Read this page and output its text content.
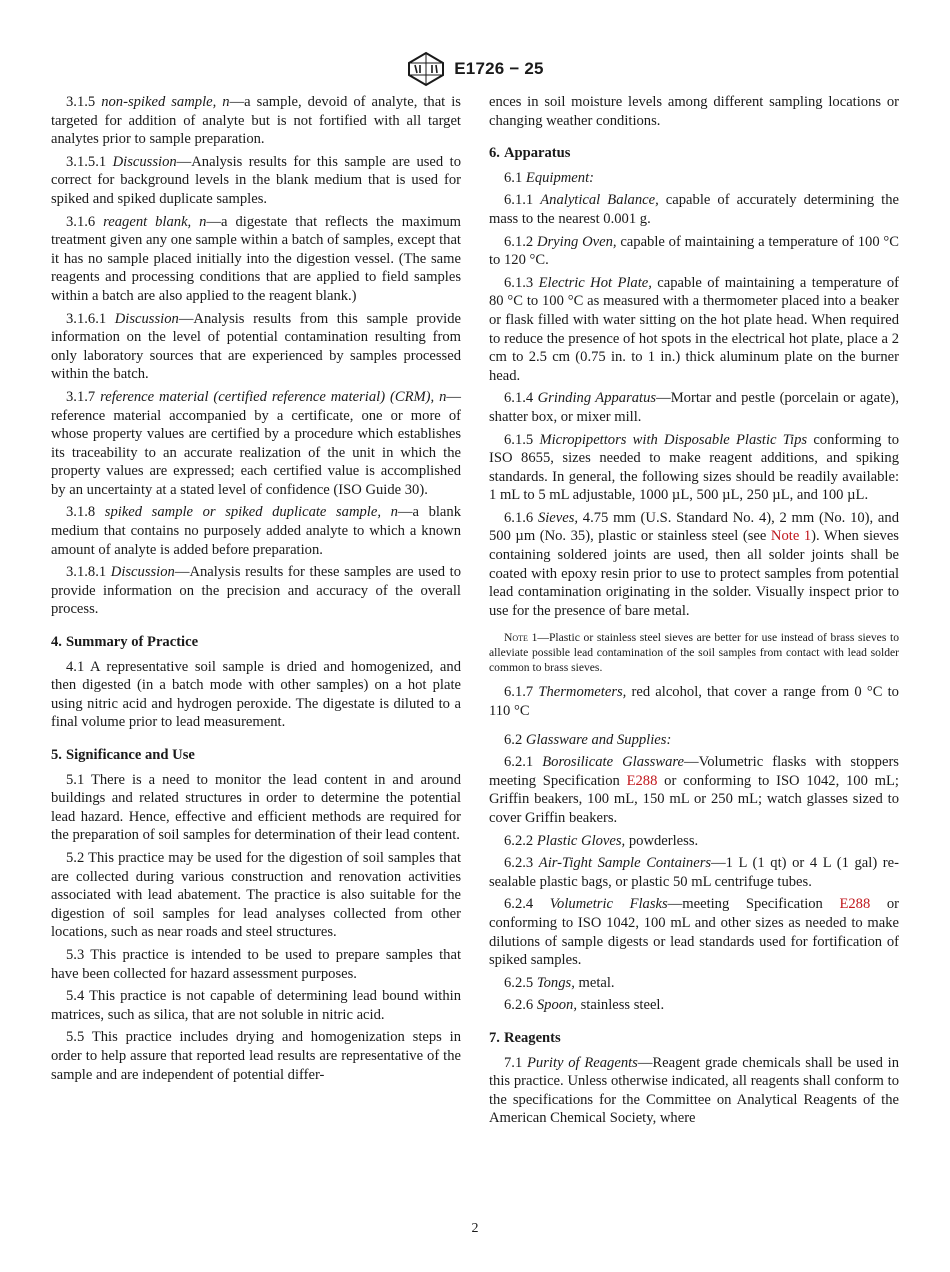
E1726 − 25

3.1.5 non-spiked sample, n—a sample, devoid of analyte, that is targeted for addition of analyte but is not fortified with all target analytes prior to sample preparation.

3.1.5.1 Discussion—Analysis results for this sample are used to correct for background levels in the blank medium that is used for spiked and spiked duplicate samples.

3.1.6 reagent blank, n—a digestate that reflects the maximum treatment given any one sample within a batch of samples, except that it has no sample placed initially into the digestion vessel. (The same reagents and processing conditions that are applied to field samples within a batch are also applied to the reagent blank.)

3.1.6.1 Discussion—Analysis results from this sample provide information on the level of potential contamination resulting from only laboratory sources that are experienced by samples processed within the batch.

3.1.7 reference material (certified reference material) (CRM), n—reference material accompanied by a certificate, one or more of whose property values are certified by a procedure which establishes its traceability to an accurate realization of the unit in which the property values are expressed; each certified value is accomplished by an uncertainty at a stated level of confidence (ISO Guide 30).

3.1.8 spiked sample or spiked duplicate sample, n—a blank medium that contains no purposely added analyte to which a known amount of analyte is added before preparation.

3.1.8.1 Discussion—Analysis results for these samples are used to provide information on the precision and accuracy of the overall process.

4. Summary of Practice

4.1 A representative soil sample is dried and homogenized, and then digested (in a batch mode with other samples) on a hot plate using nitric acid and hydrogen peroxide. The digestate is diluted to a final volume prior to lead measurement.

5. Significance and Use

5.1 There is a need to monitor the lead content in and around buildings and related structures in order to determine the potential lead hazard. Hence, effective and efficient methods are required for the preparation of soil samples for determination of their lead content.

5.2 This practice may be used for the digestion of soil samples that are collected during various construction and renovation activities associated with lead abatement. The practice is also suitable for the digestion of soil samples for lead analyses collected from other locations, such as near roads and steel structures.

5.3 This practice is intended to be used to prepare samples that have been collected for hazard assessment purposes.

5.4 This practice is not capable of determining lead bound within matrices, such as silica, that are not soluble in nitric acid.

5.5 This practice includes drying and homogenization steps in order to help assure that reported lead results are representative of the sample and are independent of potential differ-

ences in soil moisture levels among different sampling locations or changing weather conditions.

6. Apparatus

6.1 Equipment:

6.1.1 Analytical Balance, capable of accurately determining the mass to the nearest 0.001 g.

6.1.2 Drying Oven, capable of maintaining a temperature of 100 °C to 120 °C.

6.1.3 Electric Hot Plate, capable of maintaining a temperature of 80 °C to 100 °C as measured with a thermometer placed into a beaker or flask filled with water sitting on the hot plate head. When required to reduce the presence of hot spots in the electrical hot plate, place a 2 cm to 2.5 cm (0.75 in. to 1 in.) thick aluminum plate on the burner head.

6.1.4 Grinding Apparatus—Mortar and pestle (porcelain or agate), shatter box, or mixer mill.

6.1.5 Micropipettors with Disposable Plastic Tips conforming to ISO 8655, sizes needed to make reagent additions, and spiking standards. In general, the following sizes should be readily available: 1 mL to 5 mL adjustable, 1000 µL, 500 µL, 250 µL, and 100 µL.

6.1.6 Sieves, 4.75 mm (U.S. Standard No. 4), 2 mm (No. 10), and 500 µm (No. 35), plastic or stainless steel (see Note 1). When sieves containing soldered joints are used, then all solder joints shall be coated with epoxy resin prior to use to protect samples from potential lead contamination originating in the solder. Visually inspect prior to use for the presence of bare metal.

Note 1—Plastic or stainless steel sieves are better for use instead of brass sieves to alleviate possible lead contamination of the soil samples from contact with lead solder common to brass sieves.

6.1.7 Thermometers, red alcohol, that cover a range from 0 °C to 110 °C

6.2 Glassware and Supplies:

6.2.1 Borosilicate Glassware—Volumetric flasks with stoppers meeting Specification E288 or conforming to ISO 1042, 100 mL; Griffin beakers, 100 mL, 150 mL or 250 mL; watch glasses sized to cover Griffin beakers.

6.2.2 Plastic Gloves, powderless.

6.2.3 Air-Tight Sample Containers—1 L (1 qt) or 4 L (1 gal) re-sealable plastic bags, or plastic 50 mL centrifuge tubes.

6.2.4 Volumetric Flasks—meeting Specification E288 or conforming to ISO 1042, 100 mL and other sizes as needed to make dilutions of sample digests or lead standards used for fortification of spiked samples.

6.2.5 Tongs, metal.

6.2.6 Spoon, stainless steel.

7. Reagents

7.1 Purity of Reagents—Reagent grade chemicals shall be used in this practice. Unless otherwise indicated, all reagents shall conform to the specifications for the Committee on Analytical Reagents of the American Chemical Society, where

2
